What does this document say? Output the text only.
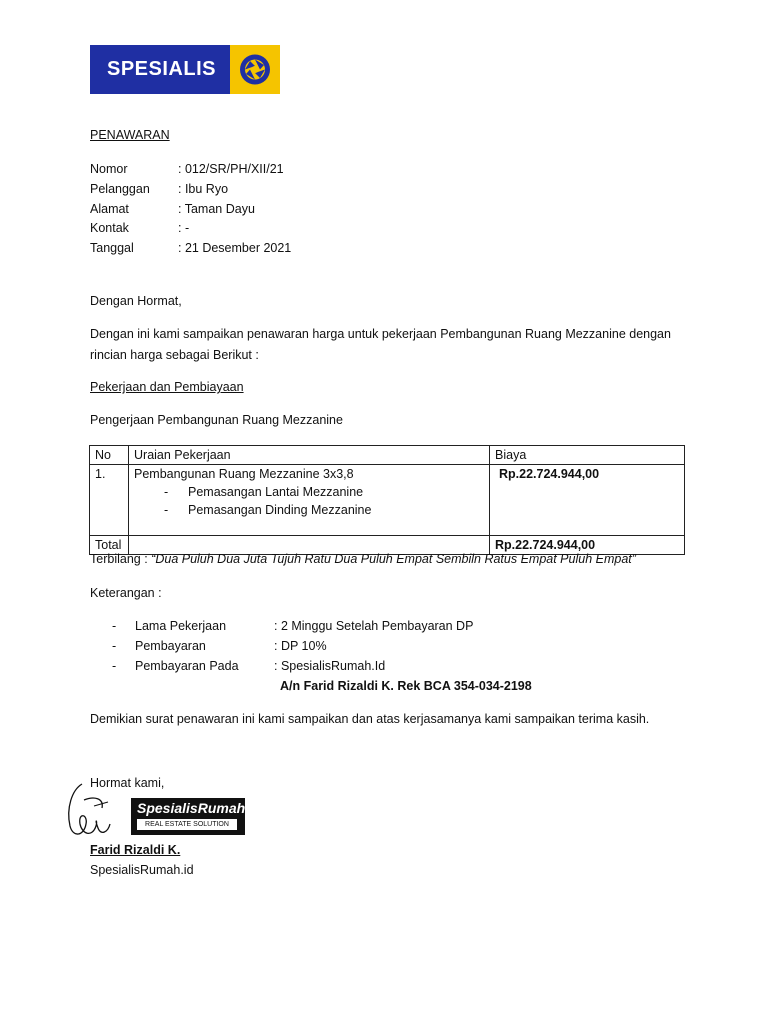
SPESIALIS
PENAWARAN
Nomor	: 012/SR/PH/XII/21
Pelanggan : Ibu Ryo
Alamat	: Taman Dayu
Kontak	: -
Tanggal	: 21 Desember 2021
Dengan Hormat,
Dengan ini kami sampaikan penawaran harga untuk pekerjaan Pembangunan Ruang Mezzanine dengan
rincian harga sebagai Berikut :
Pekerjaan dan Pembiayaan
Pengerjaan Pembangunan Ruang Mezzanine
No	Uraian Pekerjaan	Biaya
1.	Pembangunan Ruang Mezzanine 3x3,8
- Pemasangan Lantai Mezzanine
- Pemasangan Dinding Mezzanine	Rp.22.724.944,00
Total		Rp.22.724.944,00
Terbilang : “Dua Puluh Dua Juta Tujuh Ratu Dua Puluh Empat Sembiln Ratus Empat Puluh Empat”
Keterangan :
- Lama Pekerjaan	: 2 Minggu Setelah Pembayaran DP
- Pembayaran	: DP 10%
- Pembayaran Pada	: SpesialisRumah.Id
A/n Farid Rizaldi K. Rek BCA 354-034-2198
Demikian surat penawaran ini kami sampaikan dan atas kerjasamanya kami sampaikan terima kasih.
Hormat kami,
SpesialisRumah.id
REAL ESTATE SOLUTION
Farid Rizaldi K.
SpesialisRumah.id
